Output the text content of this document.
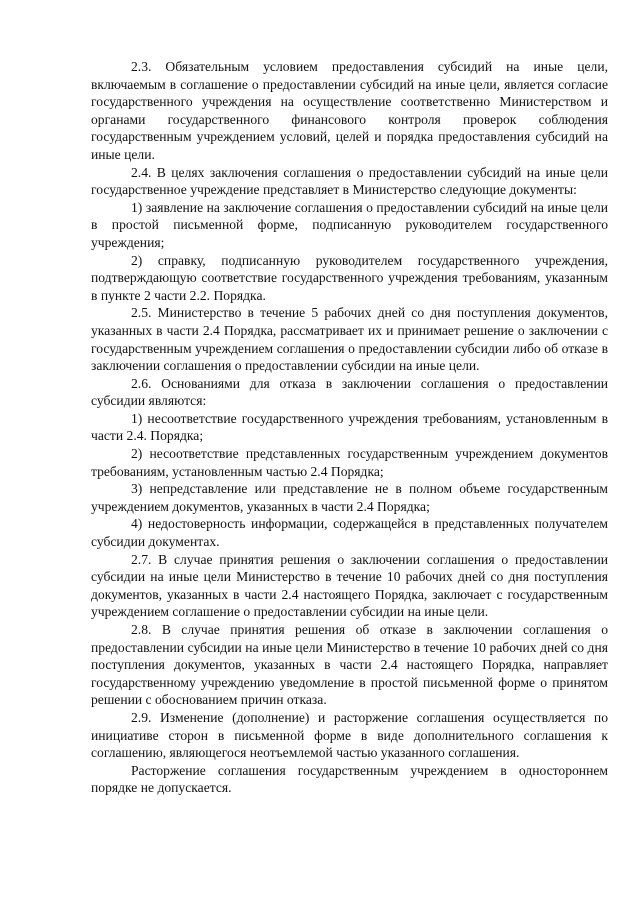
2.3. Обязательным условием предоставления субсидий на иные цели, включаемым в соглашение о предоставлении субсидий на иные цели, является согласие государственного учреждения на осуществление соответственно Министерством и органами государственного финансового контроля проверок соблюдения государственным учреждением условий, целей и порядка предоставления субсидий на иные цели.

2.4. В целях заключения соглашения о предоставлении субсидий на иные цели государственное учреждение представляет в Министерство следующие документы:

1) заявление на заключение соглашения о предоставлении субсидий на иные цели в простой письменной форме, подписанную руководителем государственного учреждения;

2) справку, подписанную руководителем государственного учреждения, подтверждающую соответствие государственного учреждения требованиям, указанным в пункте 2 части 2.2. Порядка.

2.5. Министерство в течение 5 рабочих дней со дня поступления документов, указанных в части 2.4 Порядка, рассматривает их и принимает решение о заключении с государственным учреждением соглашения о предоставлении субсидии либо об отказе в заключении соглашения о предоставлении субсидии на иные цели.

2.6. Основаниями для отказа в заключении соглашения о предоставлении субсидии являются:

1) несоответствие государственного учреждения требованиям, установленным в части 2.4. Порядка;

2) несоответствие представленных государственным учреждением документов требованиям, установленным частью 2.4 Порядка;

3) непредставление или представление не в полном объеме государственным учреждением документов, указанных в части 2.4 Порядка;

4) недостоверность информации, содержащейся в представленных получателем субсидии документах.

2.7. В случае принятия решения о заключении соглашения о предоставлении субсидии на иные цели Министерство в течение 10 рабочих дней со дня поступления документов, указанных в части 2.4 настоящего Порядка, заключает с государственным учреждением соглашение о предоставлении субсидии на иные цели.

2.8. В случае принятия решения об отказе в заключении соглашения о предоставлении субсидии на иные цели Министерство в течение 10 рабочих дней со дня поступления документов, указанных в части 2.4 настоящего Порядка, направляет государственному учреждению уведомление в простой письменной форме о принятом решении с обоснованием причин отказа.

2.9. Изменение (дополнение) и расторжение соглашения осуществляется по инициативе сторон в письменной форме в виде дополнительного соглашения к соглашению, являющегося неотъемлемой частью указанного соглашения.

Расторжение соглашения государственным учреждением в одностороннем порядке не допускается.
